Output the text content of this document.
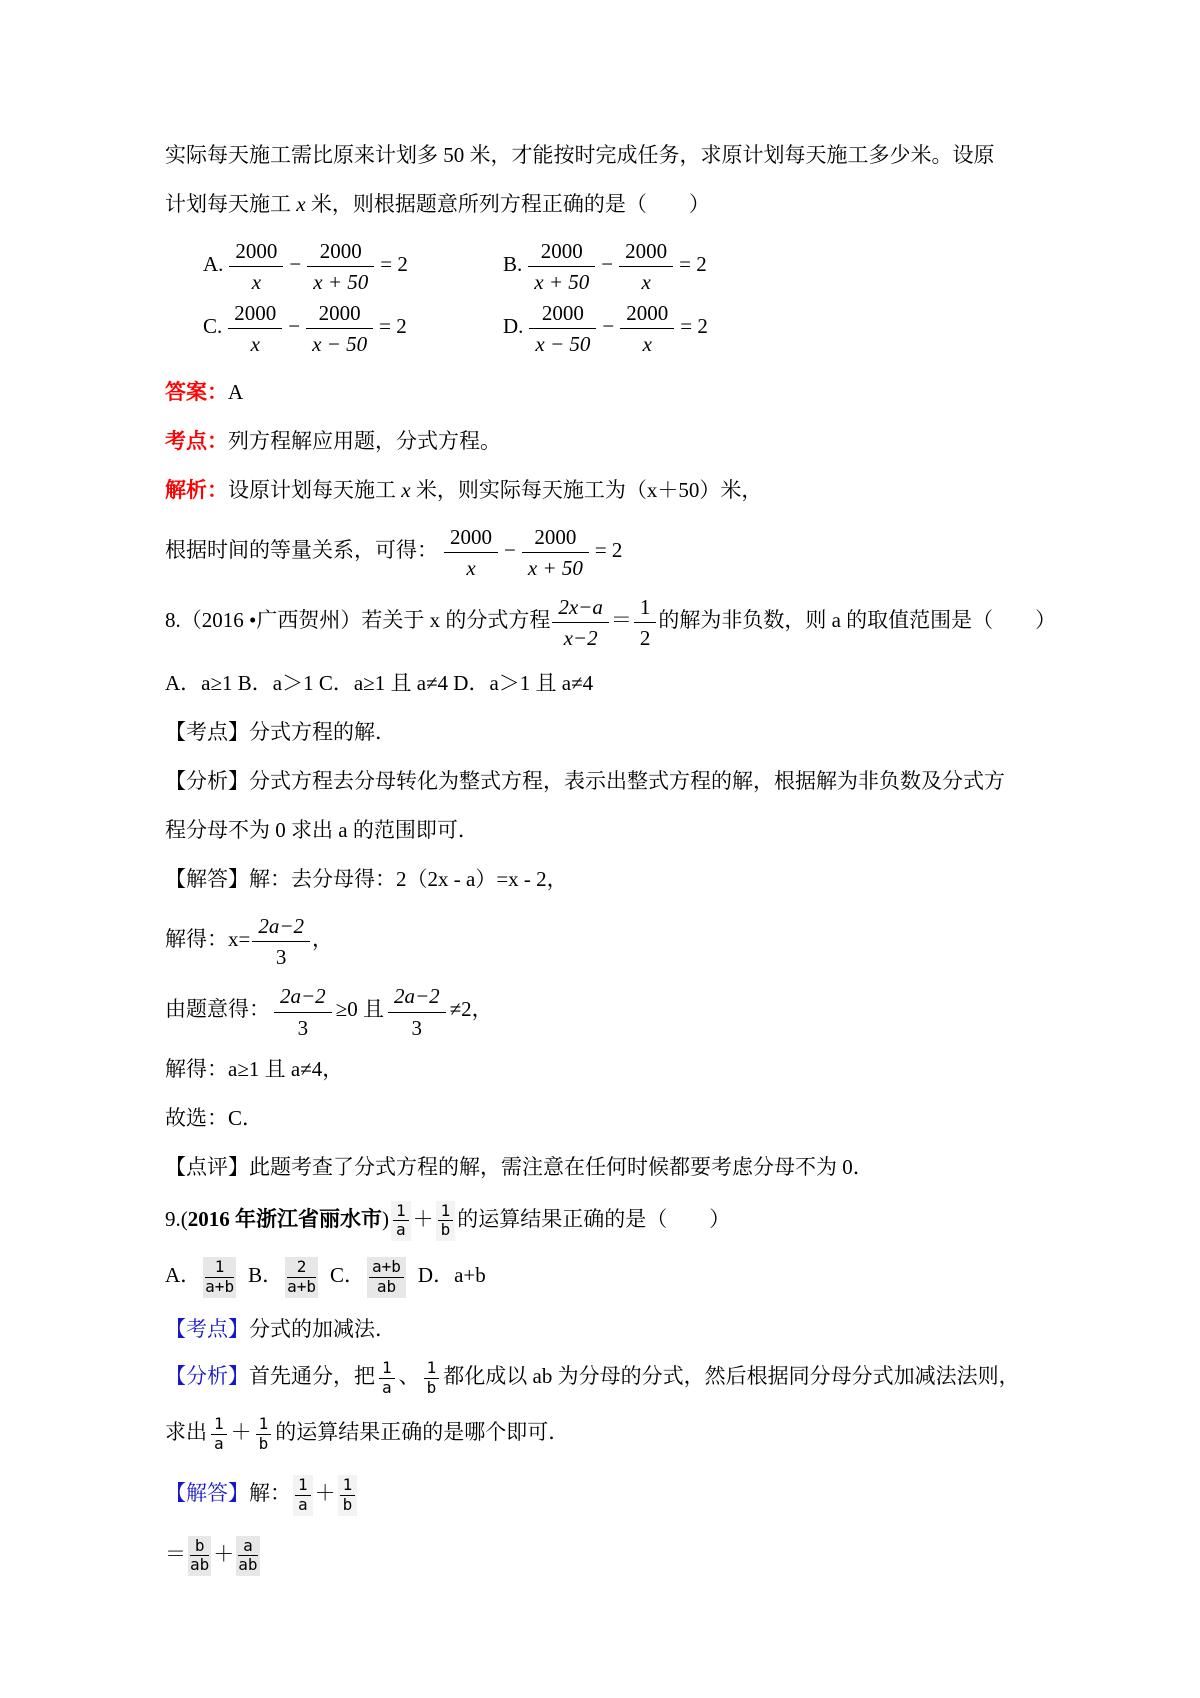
实际每天施工需比原来计划多 50 米，才能按时完成任务，求原计划每天施工多少米。设原

计划每天施工 x 米，则根据题意所列方程正确的是（　　）

A. $\frac{2000}{x} - \frac{2000}{x + 50} = 2$	B. $\frac{2000}{x + 50} - \frac{2000}{x} = 2$
C. $\frac{2000}{x} - \frac{2000}{x - 50} = 2$	D. $\frac{2000}{x - 50} - \frac{2000}{x} = 2$

答案：A

考点：列方程解应用题，分式方程。

解析：设原计划每天施工 x 米，则实际每天施工为（x＋50）米，

根据时间的等量关系，可得： $\frac{2000}{x} - \frac{2000}{x + 50} = 2$

8.（2016 •广西贺州）若关于 x 的分式方程 $\frac{2x-a}{x-2} = \frac{1}{2}$ 的解为非负数，则 a 的取值范围是（　　）

A．a≥1 B．a＞1 C．a≥1 且 a≠4 D．a＞1 且 a≠4

【考点】分式方程的解．

【分析】分式方程去分母转化为整式方程，表示出整式方程的解，根据解为非负数及分式方

程分母不为 0 求出 a 的范围即可．

【解答】解：去分母得：2（2x - a）=x - 2，

解得：$x= \frac{2a-2}{3}$ ，

由题意得： $\frac{2a-2}{3} \ge 0$ 且 $\frac{2a-2}{3} \ne 2$，

解得：a≥1 且 a≠4，

故选：C．

【点评】此题考查了分式方程的解，需注意在任何时候都要考虑分母不为 0．

9.(2016 年浙江省丽水市) $\frac{1}{a} + \frac{1}{b}$ 的运算结果正确的是（　　）

A． $\frac{1}{a+b}$ B． $\frac{2}{a+b}$ C． $\frac{a+b}{ab}$ D．a+b

【考点】分式的加减法．

【分析】首先通分，把 $\frac{1}{a}$ 、 $\frac{1}{b}$ 都化成以 ab 为分母的分式，然后根据同分母分式加减法法则，

求出 $\frac{1}{a} + \frac{1}{b}$ 的运算结果正确的是哪个即可．

【解答】解： $\frac{1}{a} + \frac{1}{b}$

＝ $\frac{b}{ab} + \frac{a}{ab}$
